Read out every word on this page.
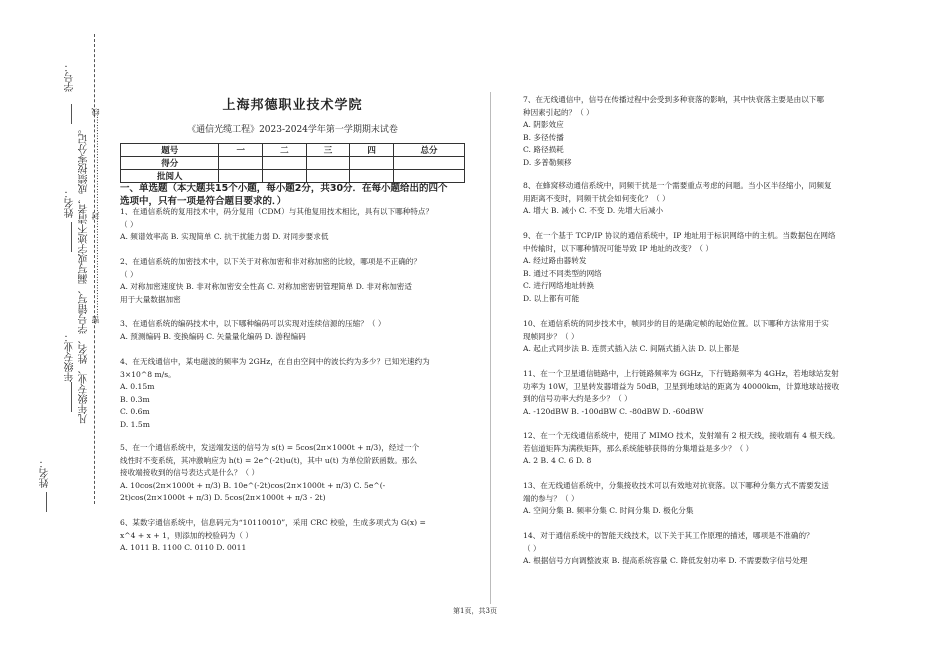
学号：
密………………………………封………………………………线
凡年级专业、姓名、学号错写、漏写或字迹不清者，成绩按零分记。
姓名：
年级专业：
姓名：
上海邦德职业技术学院
《通信光缆工程》2023-2024学年第一学期期末试卷
题号	一	二	三	四	总分
得分					
批阅人					
一、单选题（本大题共15个小题，每小题2分，共30分．在每小题给出的四个
选项中，只有一项是符合题目要求的．）
1、在通信系统的复用技术中，码分复用（CDM）与其他复用技术相比，具有以下哪种特点？
（ ）
A. 频谱效率高 B. 实现简单 C. 抗干扰能力弱 D. 对同步要求低
2、在通信系统的加密技术中，以下关于对称加密和非对称加密的比较，哪项是不正确的？
（ ）
A. 对称加密速度快 B. 非对称加密安全性高 C. 对称加密密钥管理简单 D. 非对称加密适
用于大量数据加密
3、在通信系统的编码技术中，以下哪种编码可以实现对连续信源的压缩？（ ）
A. 预测编码 B. 变换编码 C. 矢量量化编码 D. 游程编码
4、在无线通信中，某电磁波的频率为 2GHz，在自由空间中的波长约为多少？已知光速约为
3×10^8 m/s。
A. 0.15m
B. 0.3m
C. 0.6m
D. 1.5m
5、在一个通信系统中，发送端发送的信号为 s(t) = 5cos(2π×1000t + π/3)，经过一个
线性时不变系统，其冲激响应为 h(t) = 2e^(-2t)u(t)，其中 u(t) 为单位阶跃函数。那么
接收端接收到的信号表达式是什么？（ ）
A. 10cos(2π×1000t + π/3) B. 10e^(-2t)cos(2π×1000t + π/3) C. 5e^(-
2t)cos(2π×1000t + π/3) D. 5cos(2π×1000t + π/3 - 2t)
6、某数字通信系统中，信息码元为“10110010”，采用 CRC 校验，生成多项式为 G(x) =
x^4 + x + 1，则添加的校验码为（ ）
A. 1011 B. 1100 C. 0110 D. 0011
7、在无线通信中，信号在传播过程中会受到多种衰落的影响，其中快衰落主要是由以下哪
种因素引起的？（ ）
A. 阴影效应
B. 多径传播
C. 路径损耗
D. 多普勒频移
8、在蜂窝移动通信系统中，同频干扰是一个需要重点考虑的问题。当小区半径缩小，同频复
用距离不变时，同频干扰会如何变化？（ ）
A. 增大 B. 减小 C. 不变 D. 先增大后减小
9、在一个基于 TCP/IP 协议的通信系统中，IP 地址用于标识网络中的主机。当数据包在网络
中传输时，以下哪种情况可能导致 IP 地址的改变？（ ）
A. 经过路由器转发
B. 通过不同类型的网络
C. 进行网络地址转换
D. 以上都有可能
10、在通信系统的同步技术中，帧同步的目的是确定帧的起始位置。以下哪种方法常用于实
现帧同步？（ ）
A. 起止式同步法 B. 连贯式插入法 C. 间隔式插入法 D. 以上都是
11、在一个卫星通信链路中，上行链路频率为 6GHz，下行链路频率为 4GHz，若地球站发射
功率为 10W，卫星转发器增益为 50dB，卫星到地球站的距离为 40000km，计算地球站接收
到的信号功率大约是多少？（ ）
A. -120dBW B. -100dBW C. -80dBW D. -60dBW
12、在一个无线通信系统中，使用了 MIMO 技术，发射端有 2 根天线，接收端有 4 根天线。
若信道矩阵为满秩矩阵，那么系统能够获得的分集增益是多少？（ ）
A. 2 B. 4 C. 6 D. 8
13、在无线通信系统中，分集接收技术可以有效地对抗衰落。以下哪种分集方式不需要发送
端的参与？（ ）
A. 空间分集 B. 频率分集 C. 时间分集 D. 极化分集
14、对于通信系统中的智能天线技术，以下关于其工作原理的描述，哪项是不准确的？
（ ）
A. 根据信号方向调整波束 B. 提高系统容量 C. 降低发射功率 D. 不需要数字信号处理
第1页，共3页
